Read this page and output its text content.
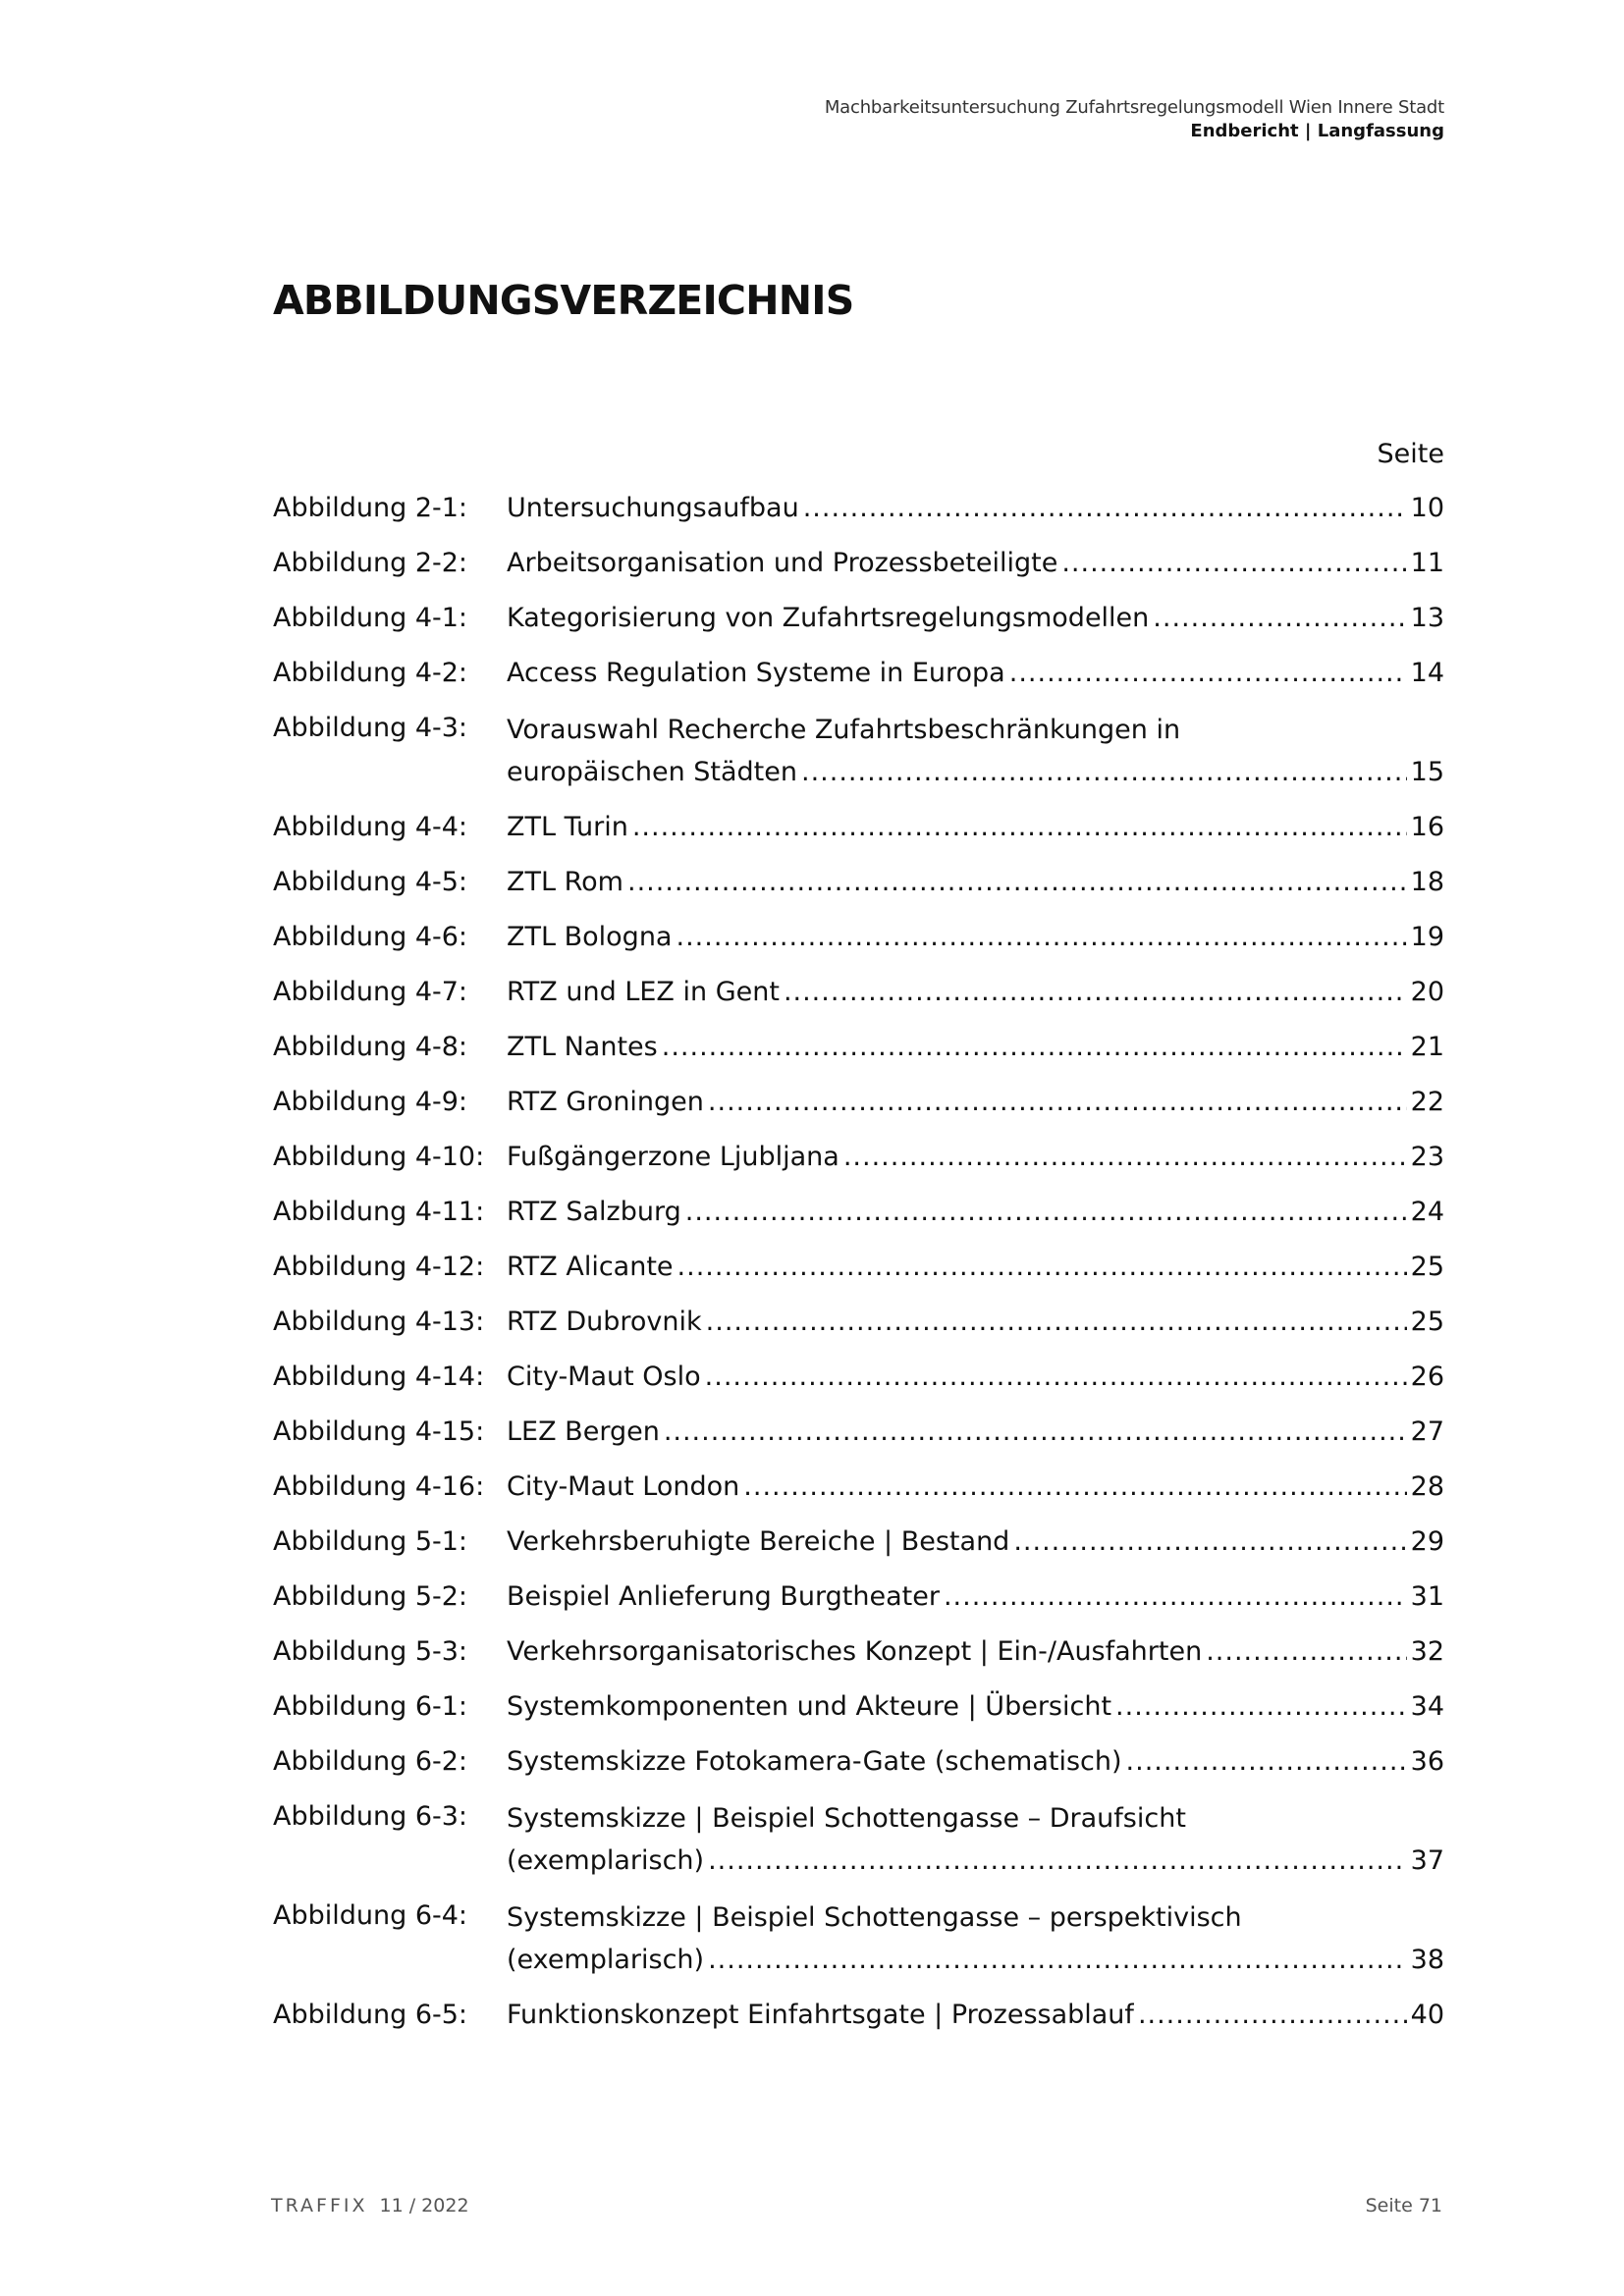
Machbarkeitsuntersuchung Zufahrtsregelungsmodell Wien Innere Stadt
Endbericht | Langfassung
ABBILDUNGSVERZEICHNIS
Seite
Abbildung 2-1:	Untersuchungsaufbau .....	10
Abbildung 2-2:	Arbeitsorganisation und Prozessbeteiligte .....	11
Abbildung 4-1:	Kategorisierung von Zufahrtsregelungsmodellen .....	13
Abbildung 4-2:	Access Regulation Systeme in Europa .....	14
Abbildung 4-3:	Vorauswahl Recherche Zufahrtsbeschränkungen in
europäischen Städten .....	15
Abbildung 4-4:	ZTL Turin .....	16
Abbildung 4-5:	ZTL Rom .....	18
Abbildung 4-6:	ZTL Bologna .....	19
Abbildung 4-7:	RTZ und LEZ in Gent .....	20
Abbildung 4-8:	ZTL Nantes .....	21
Abbildung 4-9:	RTZ Groningen .....	22
Abbildung 4-10: Fußgängerzone Ljubljana .....	23
Abbildung 4-11: RTZ Salzburg .....	24
Abbildung 4-12: RTZ Alicante .....	25
Abbildung 4-13: RTZ Dubrovnik .....	25
Abbildung 4-14: City-Maut Oslo .....	26
Abbildung 4-15: LEZ Bergen .....	27
Abbildung 4-16: City-Maut London .....	28
Abbildung 5-1:	Verkehrsberuhigte Bereiche | Bestand .....	29
Abbildung 5-2:	Beispiel Anlieferung Burgtheater .....	31
Abbildung 5-3:	Verkehrsorganisatorisches Konzept | Ein-/Ausfahrten .....	32
Abbildung 6-1:	Systemkomponenten und Akteure | Übersicht .....	34
Abbildung 6-2:	Systemskizze Fotokamera-Gate (schematisch) .....	36
Abbildung 6-3:	Systemskizze | Beispiel Schottengasse – Draufsicht
(exemplarisch) .....	37
Abbildung 6-4:	Systemskizze | Beispiel Schottengasse – perspektivisch
(exemplarisch) .....	38
Abbildung 6-5:	Funktionskonzept Einfahrtsgate | Prozessablauf .....	40
TRAFFIX 11 / 2022	Seite 71
